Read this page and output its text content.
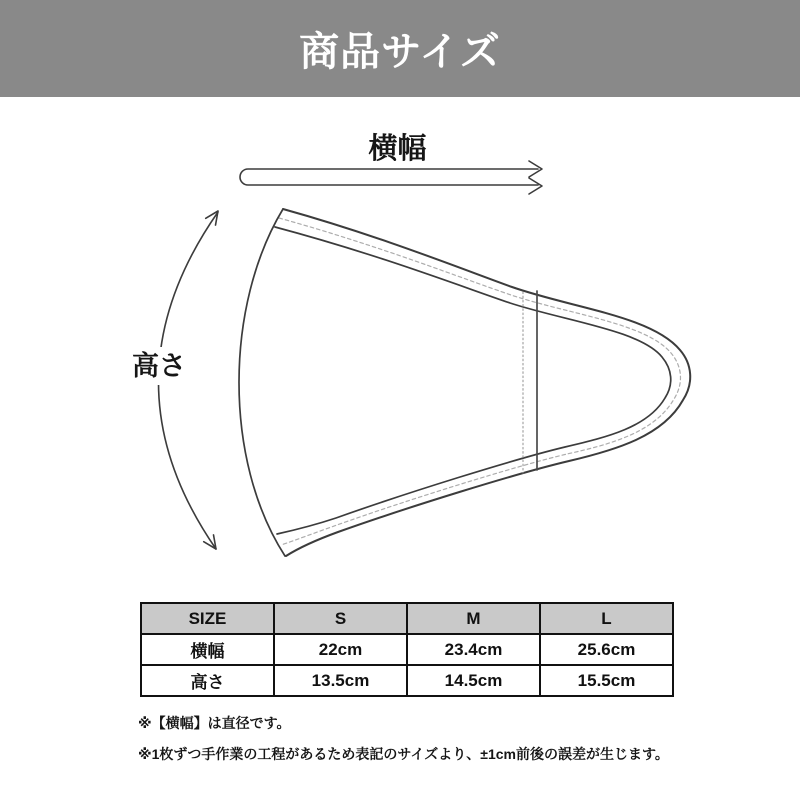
商品サイズ
横幅
高さ
SIZE	S	M	L
横幅	22cm	23.4cm	25.6cm
高さ	13.5cm	14.5cm	15.5cm
※【横幅】は直径です。
※1枚ずつ手作業の工程があるため表記のサイズより、±1cm前後の誤差が生じます。
